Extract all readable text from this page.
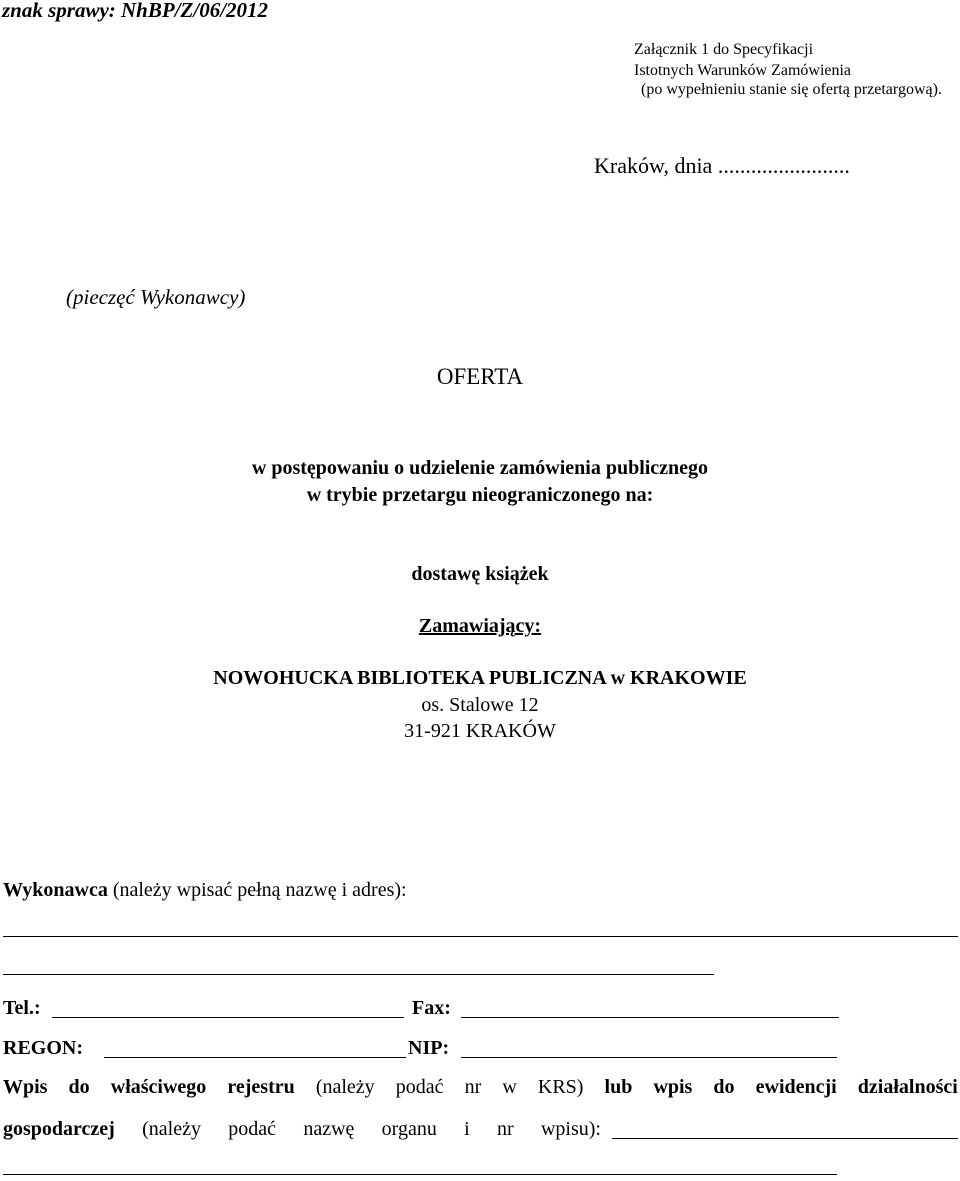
znak sprawy: NhBP/Z/06/2012
Załącznik 1 do Specyfikacji
Istotnych Warunków Zamówienia
(po wypełnieniu stanie się ofertą przetargową).
Kraków, dnia ........................
(pieczęć Wykonawcy)
OFERTA
w postępowaniu o udzielenie zamówienia publicznego
w trybie przetargu nieograniczonego na:
dostawę książek
Zamawiający:
NOWOHUCKA BIBLIOTEKA PUBLICZNA w KRAKOWIE
os. Stalowe 12
31-921 KRAKÓW
Wykonawca (należy wpisać pełną nazwę i adres):
Tel.:	Fax:
REGON:	NIP:
Wpis do właściwego rejestru (należy podać nr w KRS) lub wpis do ewidencji działalności
gospodarczej (należy podać nazwę organu i nr wpisu):
